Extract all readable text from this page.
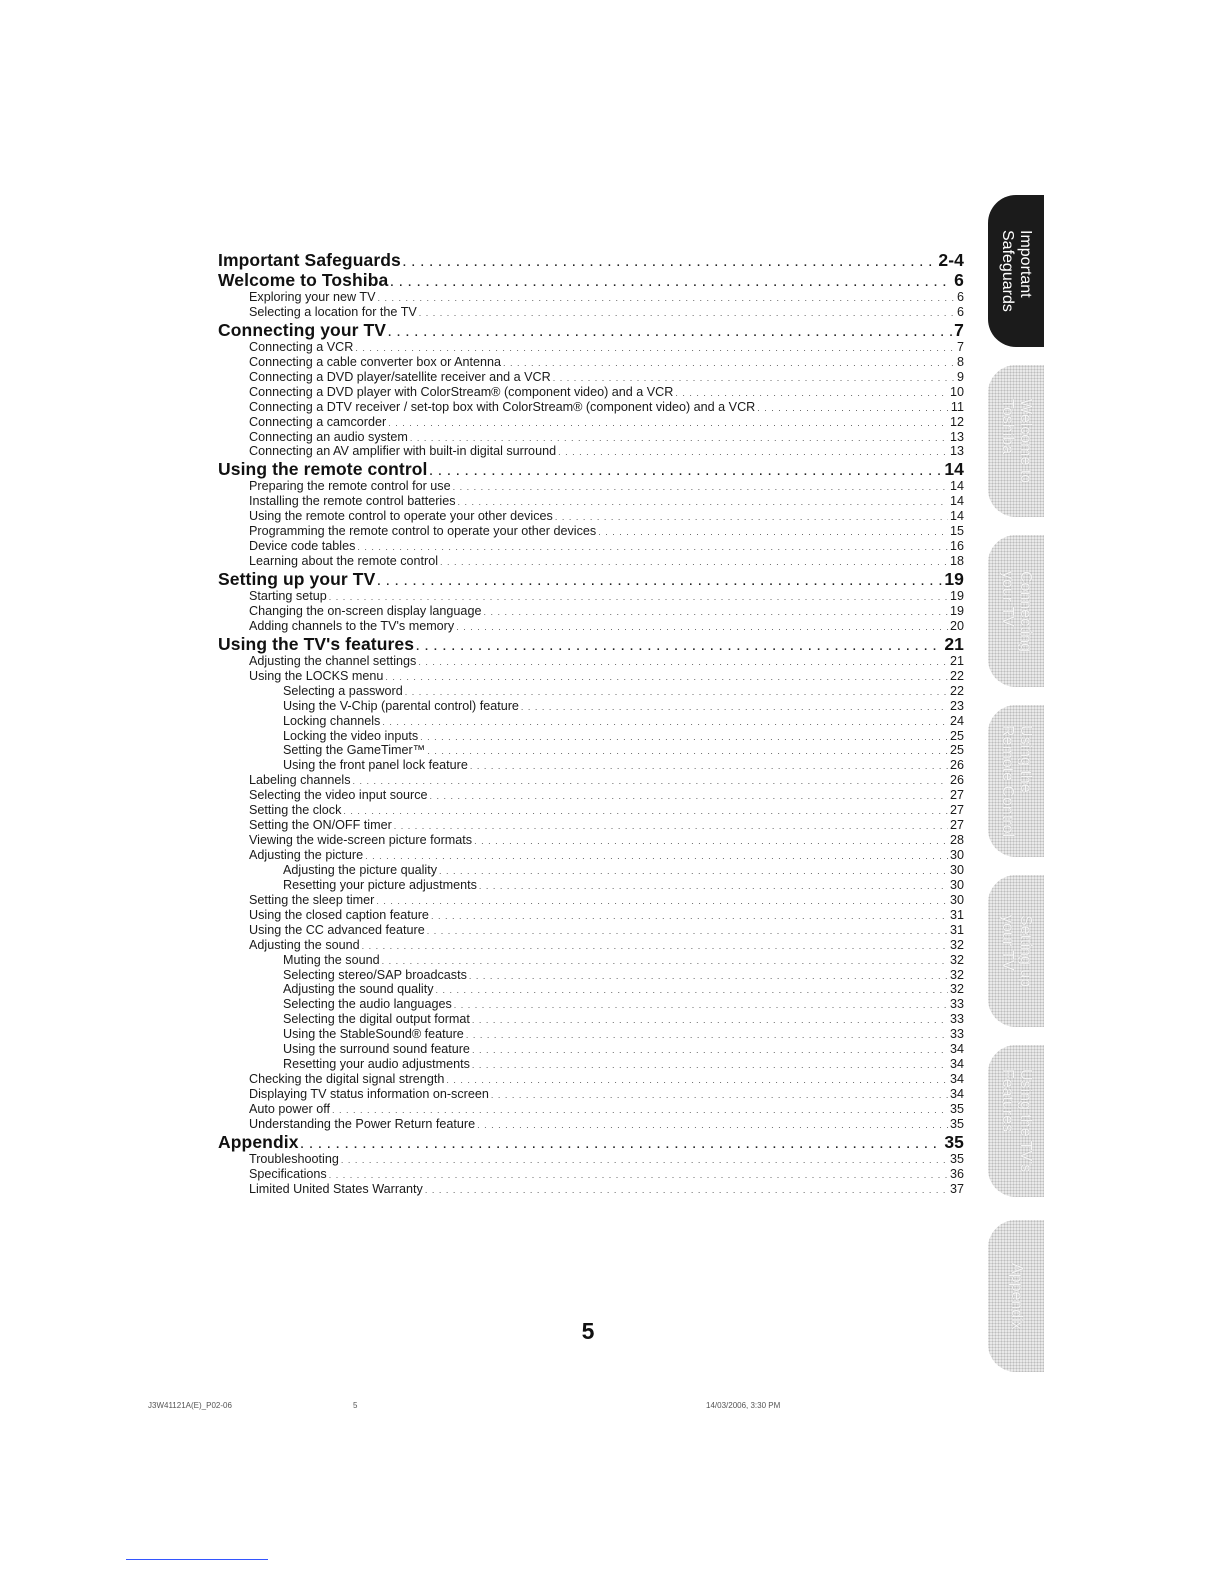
Important Safeguards . . .	2-4
Welcome to Toshiba . . .	6
Exploring your new TV . . .	6
Selecting a location for the TV . . .	6
Connecting your TV . . .	7
Connecting a VCR . . .	7
Connecting a cable converter box or Antenna . . .	8
Connecting a DVD player/satellite receiver and a VCR . . .	9
Connecting a DVD player with ColorStream® (component video) and a VCR . . .	10
Connecting a DTV receiver / set-top box with ColorStream® (component video) and a VCR . . .	11
Connecting a camcorder . . .	12
Connecting an audio system . . .	13
Connecting an AV amplifier with built-in digital surround . . .	13
Using the remote control . . .	14
Preparing the remote control for use . . .	14
Installing the remote control batteries . . .	14
Using the remote control to operate your other devices . . .	14
Programming the remote control to operate your other devices . . .	15
Device code tables . . .	16
Learning about the remote control . . .	18
Setting up your TV . . .	19
Starting setup . . .	19
Changing the on-screen display language . . .	19
Adding channels to the TV's memory . . .	20
Using the TV's features . . .	21
Adjusting the channel settings . . .	21
Using the LOCKS menu . . .	22
Selecting a password . . .	22
Using the V-Chip (parental control) feature . . .	23
Locking channels . . .	24
Locking the video inputs . . .	25
Setting the GameTimer™ . . .	25
Using the front panel lock feature . . .	26
Labeling channels . . .	26
Selecting the video input source . . .	27
Setting the clock . . .	27
Setting the ON/OFF timer . . .	27
Viewing the wide-screen picture formats . . .	28
Adjusting the picture . . .	30
Adjusting the picture quality . . .	30
Resetting your picture adjustments . . .	30
Setting the sleep timer . . .	30
Using the closed caption feature . . .	31
Using the CC advanced feature . . .	31
Adjusting the sound . . .	32
Muting the sound . . .	32
Selecting stereo/SAP broadcasts . . .	32
Adjusting the sound quality . . .	32
Selecting the audio languages . . .	33
Selecting the digital output format . . .	33
Using the StableSound® feature . . .	33
Using the surround sound feature . . .	34
Resetting your audio adjustments . . .	34
Checking the digital signal strength . . .	34
Displaying TV status information on-screen . . .	34
Auto power off . . .	35
Understanding the Power Return feature . . .	35
Appendix . . .	35
Troubleshooting . . .	35
Specifications . . .	36
Limited United States Warranty . . .	37
Important
Safeguards
Welcome to
Toshiba
Connecting
your TV
Using the
Remote Control
Setting up
your TV
Using the TV's
Features
Appendix
5
J3W41121A(E)_P02-06	5	14/03/2006, 3:30 PM
